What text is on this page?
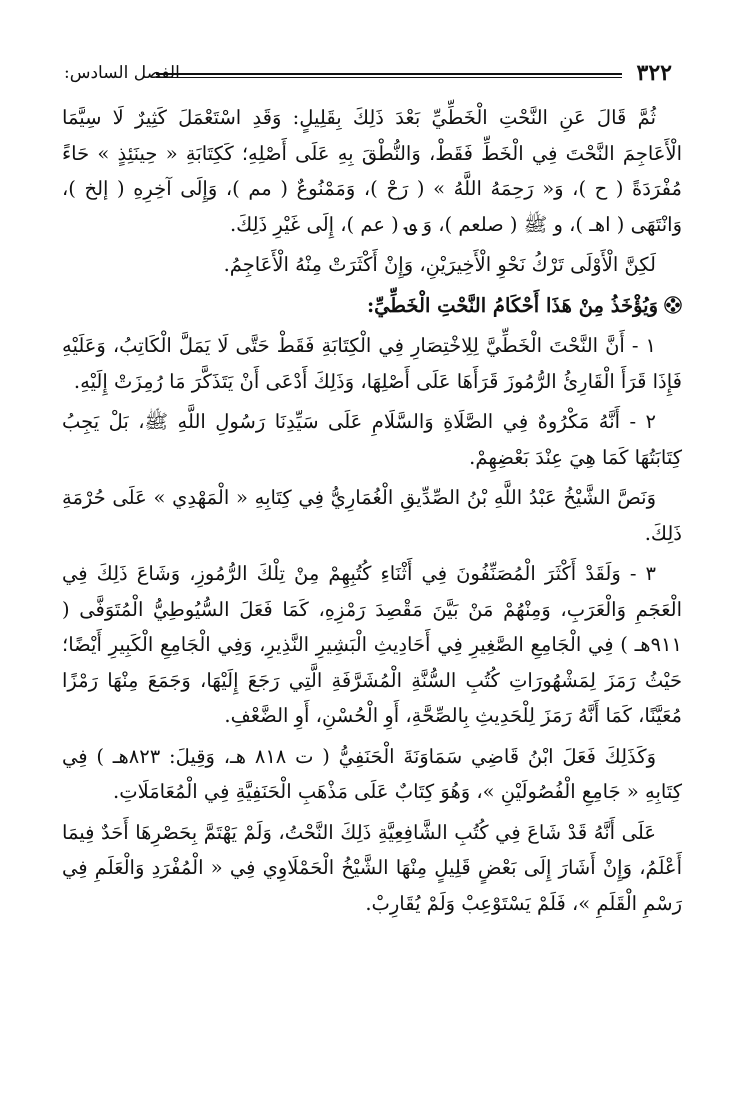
٣٢٢
الفصل السادس:

ثُمَّ قَالَ عَنِ النَّحْتِ الْخَطِّيِّ بَعْدَ ذَلِكَ بِقَلِيلٍ: وَقَدِ اسْتَعْمَلَ كَثِيرٌ لَا سِيَّمَا الْأَعَاجِمَ النَّحْتَ فِي الْخَطِّ فَقَطْ، وَالنُّطْقَ بِهِ عَلَى أَصْلِهِ؛ كَكِتَابَةِ « حِينَئِذٍ » حَاءً مُفْرَدَةً ( ح )، وَ« رَحِمَهُ اللَّهُ » ( رَحْ )، وَمَمْنُوعٌ ( مم )، وَإِلَى آخِرِهِ ( إلخ )، وَانْتَهَى ( اهـ )، و ﷺ ( صلعم )، وَ ؈ ( عم )، إِلَى غَيْرِ ذَلِكَ.

لَكِنَّ الْأَوْلَى تَرْكُ نَحْوِ الْأَخِيرَيْنِ، وَإِنْ أَكْثَرَتْ مِنْهُ الْأَعَاجِمُ.

وَيُؤْخَذُ مِنْ هَذَا أَحْكَامُ النَّحْتِ الْخَطِّيِّ:

١ - أَنَّ النَّحْتَ الْخَطِّيَّ لِلِاخْتِصَارِ فِي الْكِتَابَةِ فَقَطْ حَتَّى لَا يَمَلَّ الْكَاتِبُ، وَعَلَيْهِ فَإِذَا قَرَأَ الْقَارِئُ الرُّمُوزَ قَرَأَهَا عَلَى أَصْلِهَا، وَذَلِكَ أَدْعَى أَنْ يَتَذَكَّرَ مَا رُمِزَتْ إِلَيْهِ.

٢ - أَنَّهُ مَكْرُوهٌ فِي الصَّلَاةِ وَالسَّلَامِ عَلَى سَيِّدِنَا رَسُولِ اللَّهِ ﷺ، بَلْ يَجِبُ كِتَابَتُهَا كَمَا هِيَ عِنْدَ بَعْضِهِمْ.

وَنَصَّ الشَّيْخُ عَبْدُ اللَّهِ بْنُ الصِّدِّيقِ الْغُمَارِيُّ فِي كِتَابِهِ « الْمَهْدِي » عَلَى حُرْمَةِ ذَلِكَ.

٣ - وَلَقَدْ أَكْثَرَ الْمُصَنِّفُونَ فِي أَثْنَاءِ كُتُبِهِمْ مِنْ تِلْكَ الرُّمُوزِ، وَشَاعَ ذَلِكَ فِي الْعَجَمِ وَالْعَرَبِ، وَمِنْهُمْ مَنْ بَيَّنَ مَقْصِدَ رَمْزِهِ، كَمَا فَعَلَ السُّيُوطِيُّ الْمُتَوَفَّى ( ٩١١هـ ) فِي الْجَامِعِ الصَّغِيرِ فِي أَحَادِيثِ الْبَشِيرِ النَّذِيرِ، وَفِي الْجَامِعِ الْكَبِيرِ أَيْضًا؛ حَيْثُ رَمَزَ لِمَشْهُورَاتِ كُتُبِ السُّنَّةِ الْمُشَرَّفَةِ الَّتِي رَجَعَ إِلَيْهَا، وَجَمَعَ مِنْهَا رَمْزًا مُعَيَّنًا، كَمَا أَنَّهُ رَمَزَ لِلْحَدِيثِ بِالصِّحَّةِ، أَوِ الْحُسْنِ، أَوِ الضَّعْفِ.

وَكَذَلِكَ فَعَلَ ابْنُ قَاضِي سَمَاوَنَةَ الْحَنَفِيُّ ( ت ٨١٨ هـ، وَقِيلَ: ٨٢٣هـ ) فِي كِتَابِهِ « جَامِعِ الْفُصُولَيْنِ »، وَهُوَ كِتَابٌ عَلَى مَذْهَبِ الْحَنَفِيَّةِ فِي الْمُعَامَلَاتِ.

عَلَى أَنَّهُ قَدْ شَاعَ فِي كُتُبِ الشَّافِعِيَّةِ ذَلِكَ النَّحْتُ، وَلَمْ يَهْتَمَّ بِحَصْرِهَا أَحَدٌ فِيمَا أَعْلَمُ، وَإِنْ أَشَارَ إِلَى بَعْضٍ قَلِيلٍ مِنْهَا الشَّيْخُ الْحَمْلَاوِي فِي « الْمُفْرَدِ وَالْعَلَمِ فِي رَسْمِ الْقَلَمِ »، فَلَمْ يَسْتَوْعِبْ وَلَمْ يُقَارِبْ.
